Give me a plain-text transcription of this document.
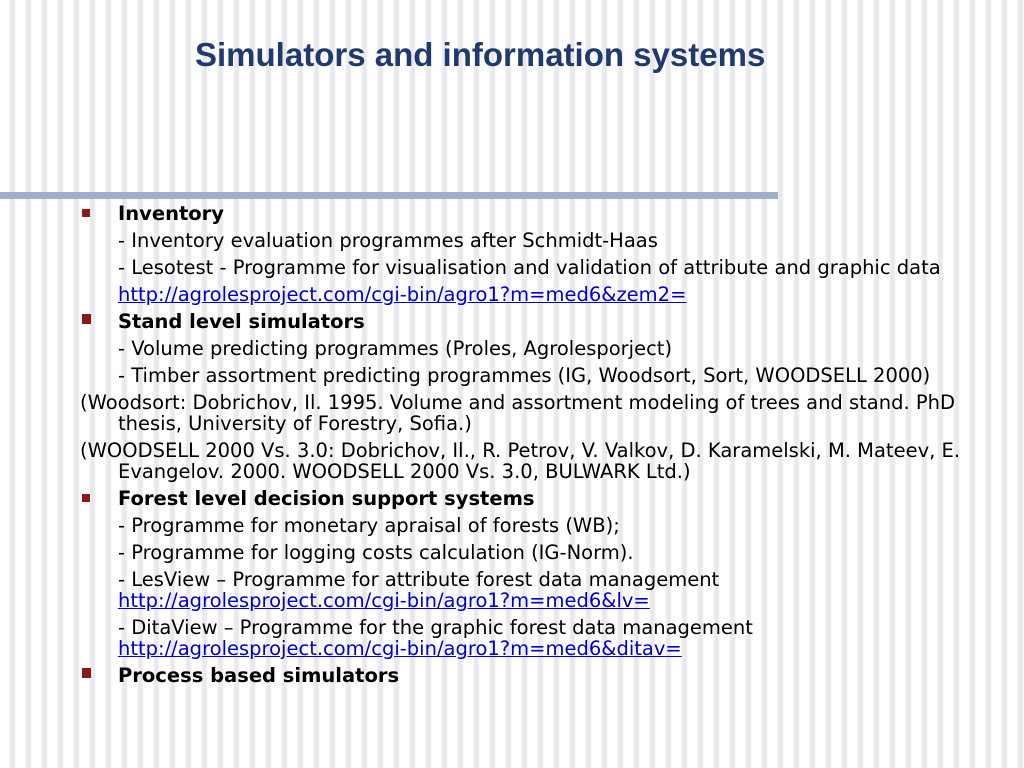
Simulators and information systems
Inventory
- Inventory evaluation programmes after Schmidt-Haas
- Lesotest - Programme for visualisation and validation of attribute and graphic data
http://agrolesproject.com/cgi-bin/agro1?m=med6&zem2=
Stand level simulators
- Volume predicting programmes (Proles, Agrolesporject)
- Timber assortment predicting programmes (IG, Woodsort, Sort, WOODSELL 2000)
(Woodsort: Dobrichov, Il. 1995. Volume and assortment modeling of trees and stand. PhD thesis, University of Forestry, Sofia.)
(WOODSELL 2000 Vs. 3.0: Dobrichov, Il., R. Petrov, V. Valkov, D. Karamelski, M. Mateev, E. Evangelov. 2000. WOODSELL 2000 Vs. 3.0, BULWARK Ltd.)
Forest level decision support systems
- Programme for monetary apraisal of forests (WB);
- Programme for logging costs calculation (IG-Norm).
- LesView – Programme for attribute forest data management
http://agrolesproject.com/cgi-bin/agro1?m=med6&lv=
- DitaView – Programme for the graphic forest data management
http://agrolesproject.com/cgi-bin/agro1?m=med6&ditav=
Process based simulators
